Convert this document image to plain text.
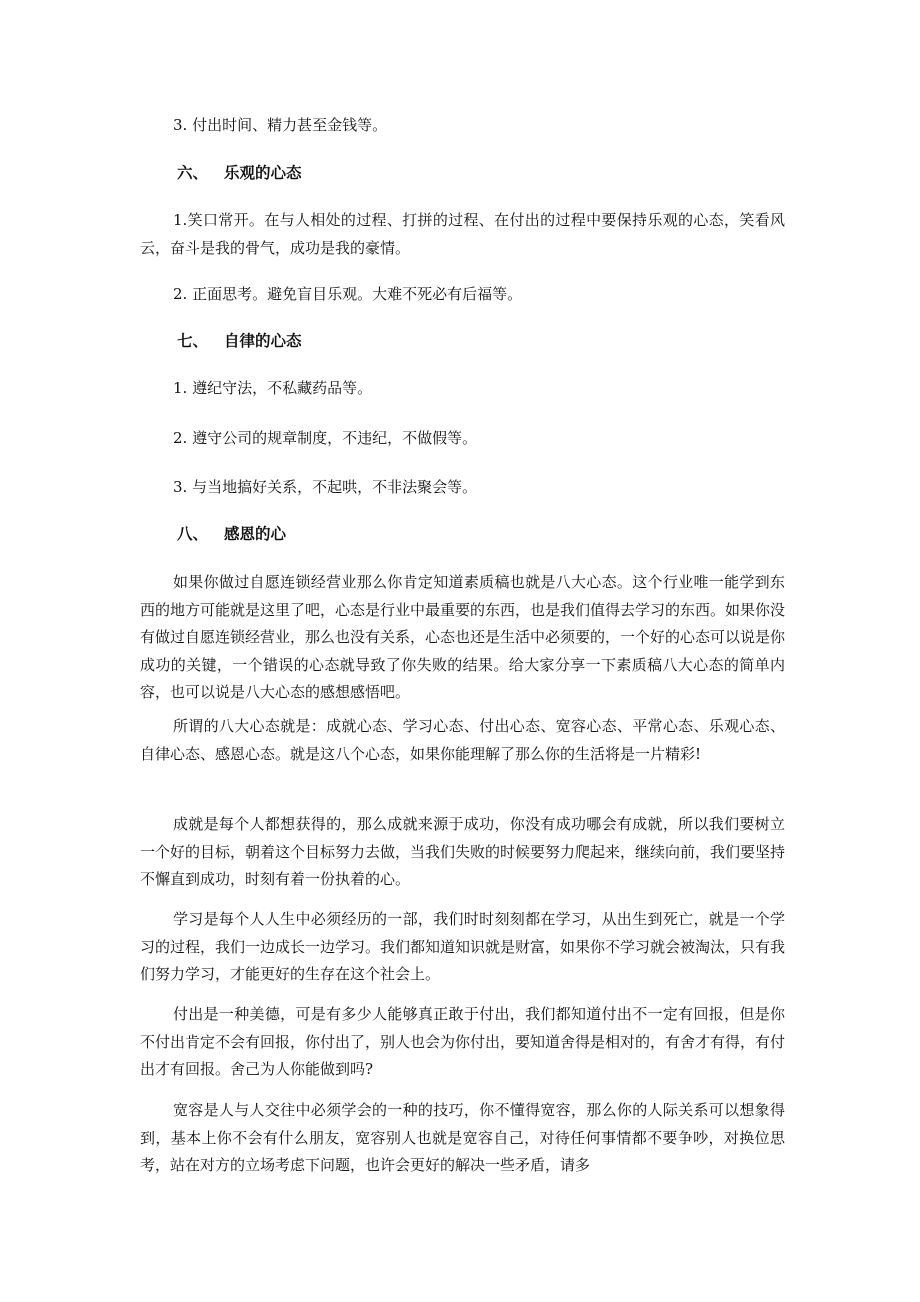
3. 付出时间、精力甚至金钱等。
六、 乐观的心态
1.笑口常开。在与人相处的过程、打拼的过程、在付出的过程中要保持乐观的心态，笑看风云，奋斗是我的骨气，成功是我的豪情。
2. 正面思考。避免盲目乐观。大难不死必有后福等。
七、 自律的心态
1. 遵纪守法，不私藏药品等。
2. 遵守公司的规章制度，不违纪，不做假等。
3. 与当地搞好关系，不起哄，不非法聚会等。
八、 感恩的心
如果你做过自愿连锁经营业那么你肯定知道素质稿也就是八大心态。这个行业唯一能学到东西的地方可能就是这里了吧，心态是行业中最重要的东西，也是我们值得去学习的东西。如果你没有做过自愿连锁经营业，那么也没有关系，心态也还是生活中必须要的，一个好的心态可以说是你成功的关键，一个错误的心态就导致了你失败的结果。给大家分享一下素质稿八大心态的简单内容，也可以说是八大心态的感想感悟吧。
所谓的八大心态就是：成就心态、学习心态、付出心态、宽容心态、平常心态、乐观心态、自律心态、感恩心态。就是这八个心态，如果你能理解了那么你的生活将是一片精彩!
成就是每个人都想获得的，那么成就来源于成功，你没有成功哪会有成就，所以我们要树立一个好的目标，朝着这个目标努力去做，当我们失败的时候要努力爬起来，继续向前，我们要坚持不懈直到成功，时刻有着一份执着的心。
学习是每个人人生中必须经历的一部，我们时时刻刻都在学习，从出生到死亡，就是一个学习的过程，我们一边成长一边学习。我们都知道知识就是财富，如果你不学习就会被淘汰，只有我们努力学习，才能更好的生存在这个社会上。
付出是一种美德，可是有多少人能够真正敢于付出，我们都知道付出不一定有回报，但是你不付出肯定不会有回报，你付出了，别人也会为你付出，要知道舍得是相对的，有舍才有得，有付出才有回报。舍己为人你能做到吗?
宽容是人与人交往中必须学会的一种的技巧，你不懂得宽容，那么你的人际关系可以想象得到，基本上你不会有什么朋友，宽容别人也就是宽容自己，对待任何事情都不要争吵，对换位思考，站在对方的立场考虑下问题，也许会更好的解决一些矛盾，请多
